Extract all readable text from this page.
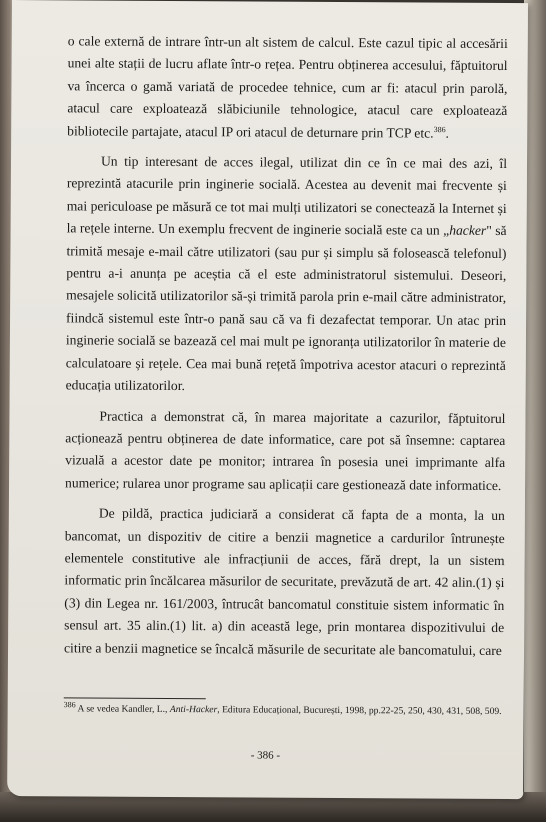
o cale externă de intrare într-un alt sistem de calcul. Este cazul tipic al accesării unei alte stații de lucru aflate într-o rețea. Pentru obținerea accesului, făptuitorul va încerca o gamă variată de procedee tehnice, cum ar fi: atacul prin parolă, atacul care exploatează slăbiciunile tehnologice, atacul care exploatează bibliotecile partajate, atacul IP ori atacul de deturnare prin TCP etc.$^{386}$.

Un tip interesant de acces ilegal, utilizat din ce în ce mai des azi, îl reprezintă atacurile prin inginerie socială. Acestea au devenit mai frecvente și mai periculoase pe măsură ce tot mai mulți utilizatori se conectează la Internet și la rețele interne. Un exemplu frecvent de inginerie socială este ca un „hacker" să trimită mesaje e-mail către utilizatori (sau pur și simplu să folosească telefonul) pentru a-i anunța pe aceștia că el este administratorul sistemului. Deseori, mesajele solicită utilizatorilor să-și trimită parola prin e-mail către administrator, fiindcă sistemul este într-o pană sau că va fi dezafectat temporar. Un atac prin inginerie socială se bazează cel mai mult pe ignoranța utilizatorilor în materie de calculatoare și rețele. Cea mai bună rețetă împotriva acestor atacuri o reprezintă educația utilizatorilor.

Practica a demonstrat că, în marea majoritate a cazurilor, făptuitorul acționează pentru obținerea de date informatice, care pot să însemne: captarea vizuală a acestor date pe monitor; intrarea în posesia unei imprimante alfa numerice; rularea unor programe sau aplicații care gestionează date informatice.

De pildă, practica judiciară a considerat că fapta de a monta, la un bancomat, un dispozitiv de citire a benzii magnetice a cardurilor întrunește elementele constitutive ale infracțiunii de acces, fără drept, la un sistem informatic prin încălcarea măsurilor de securitate, prevăzută de art. 42 alin.(1) și (3) din Legea nr. 161/2003, întrucât bancomatul constituie sistem informatic în sensul art. 35 alin.(1) lit. a) din această lege, prin montarea dispozitivului de citire a benzii magnetice se încalcă măsurile de securitate ale bancomatului, care

$^{386}$ A se vedea Kandler, L., Anti-Hacker, Editura Educațional, București, 1998, pp.22-25, 250, 430, 431, 508, 509.
- 386 -
